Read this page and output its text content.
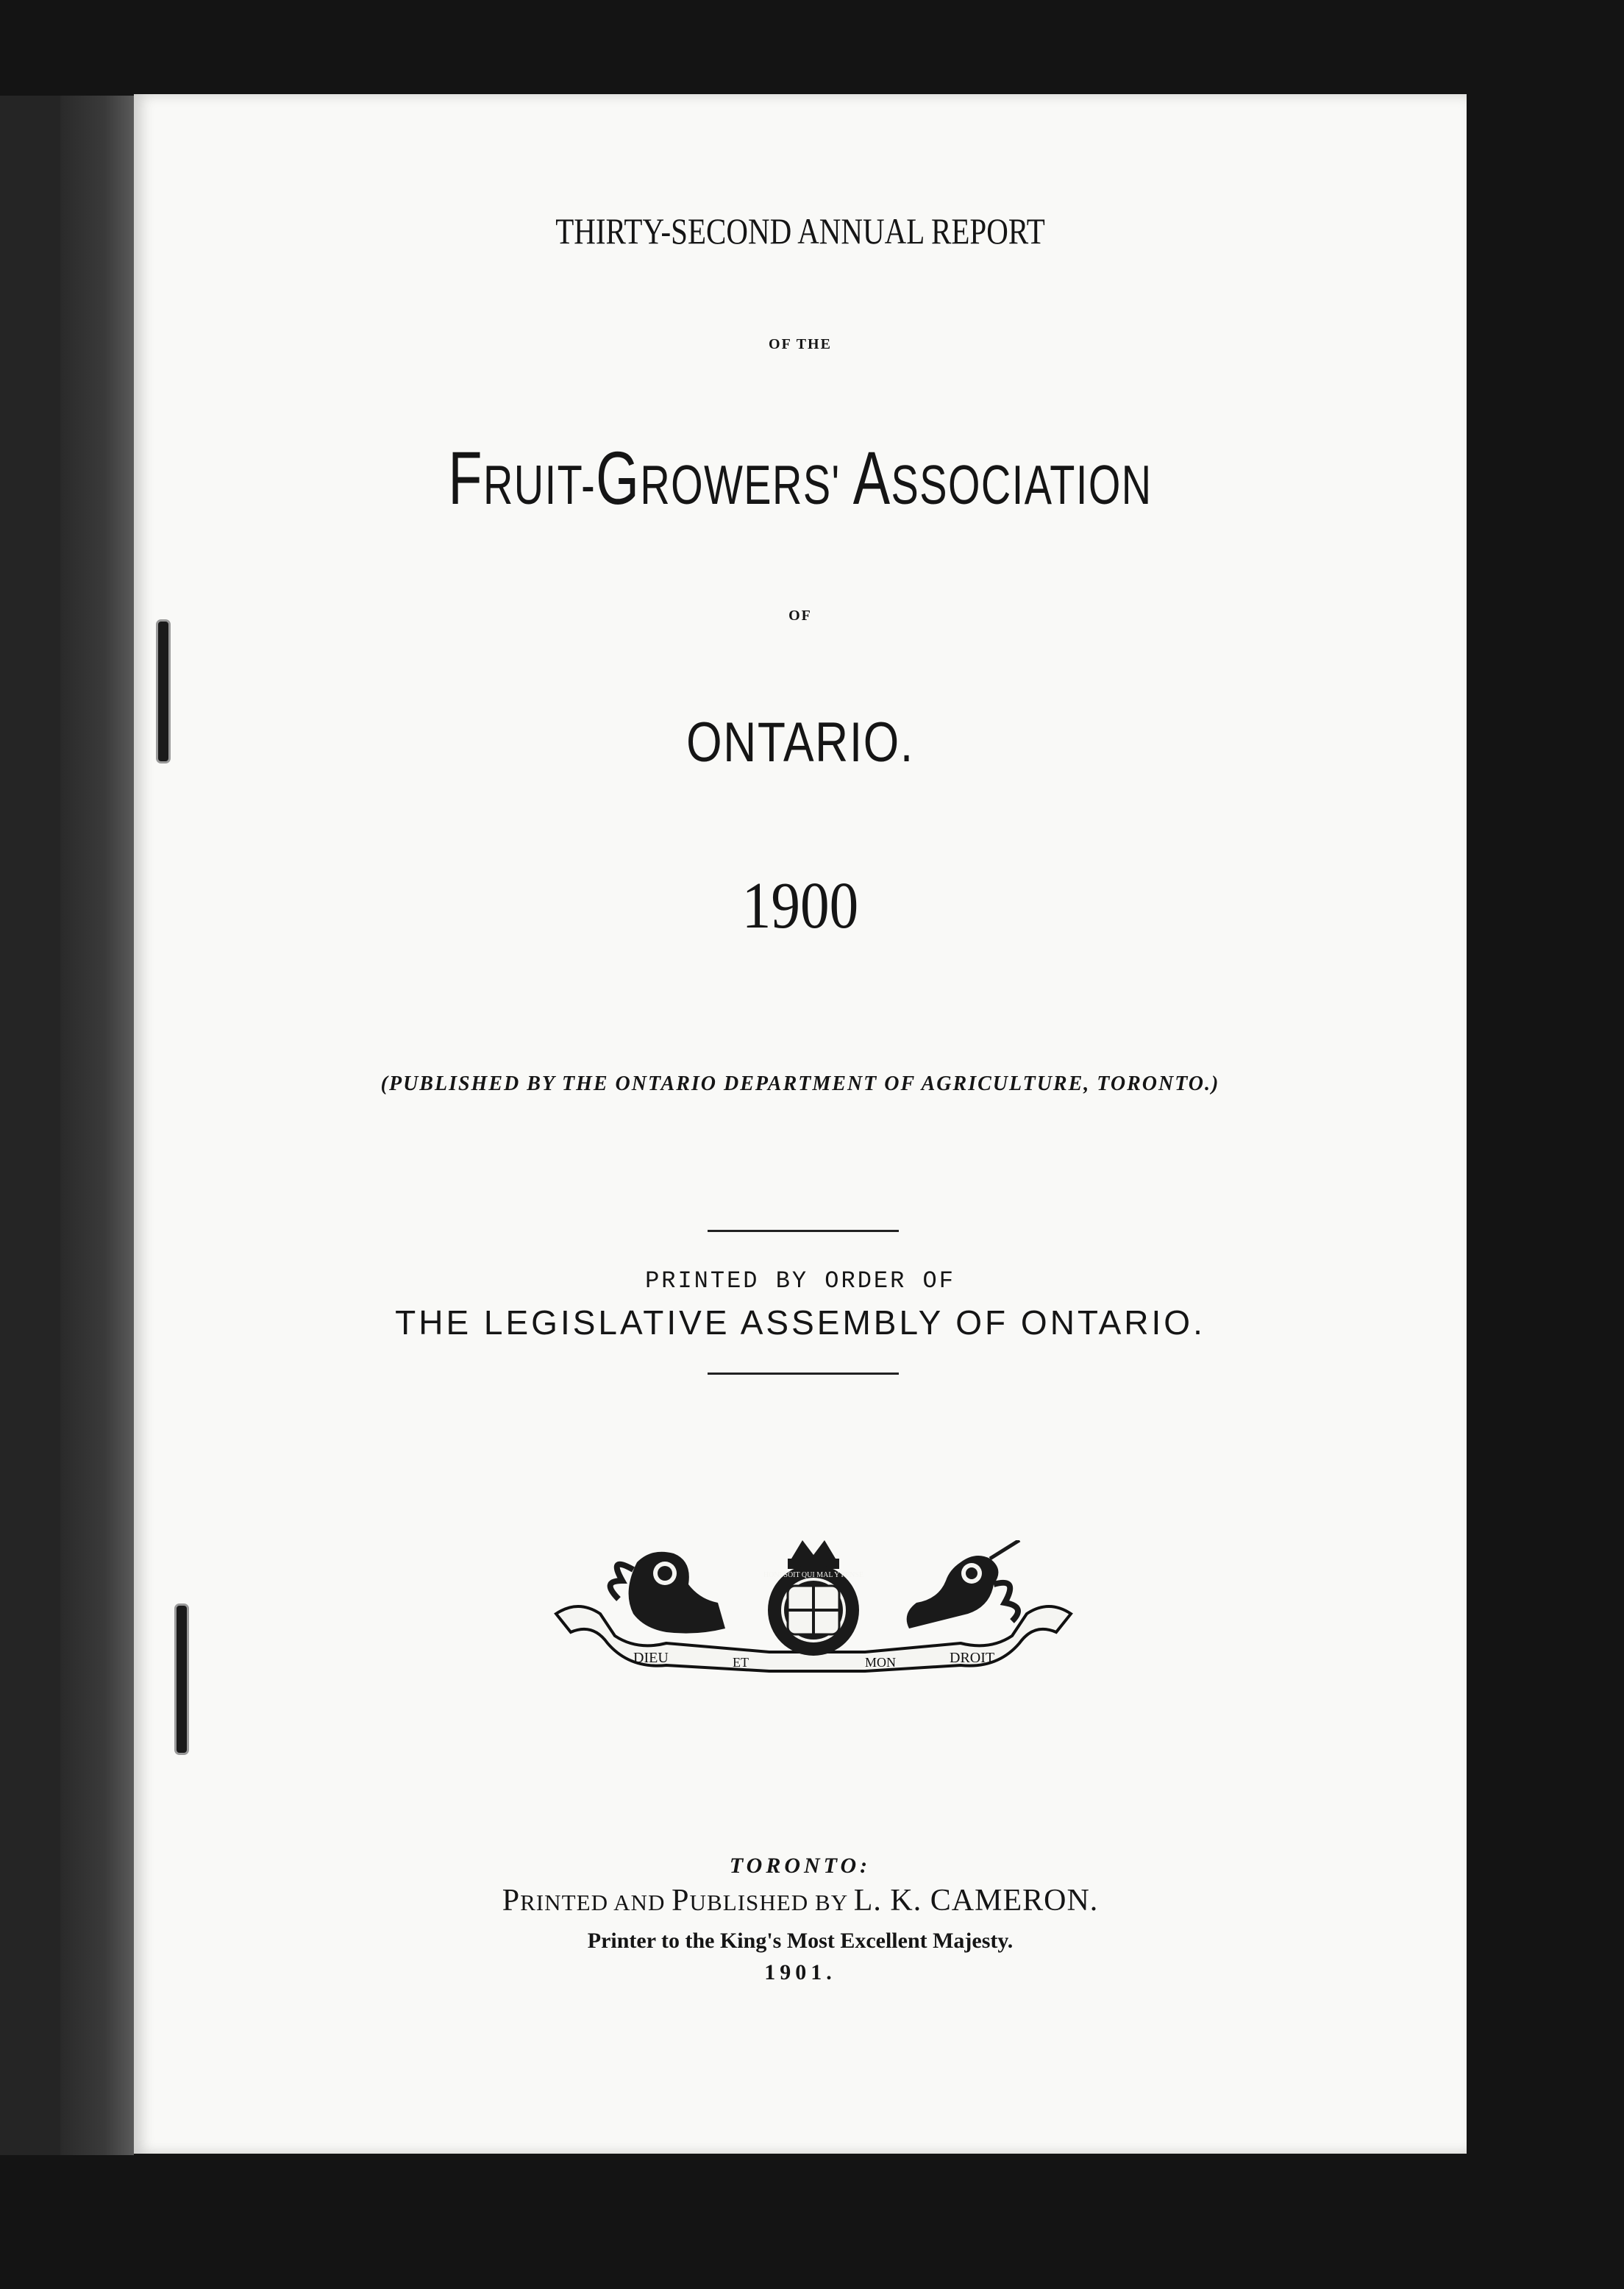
THIRTY-SECOND ANNUAL REPORT

OF THE

FRUIT-GROWERS' ASSOCIATION

OF

ONTARIO.

1900

(PUBLISHED BY THE ONTARIO DEPARTMENT OF AGRICULTURE, TORONTO.)

PRINTED BY ORDER OF

THE LEGISLATIVE ASSEMBLY OF ONTARIO.

DIEU	ET	MON	DROIT
HONI SOIT QUI MAL Y PENSE

TORONTO:

PRINTED AND PUBLISHED BY L. K. CAMERON.

Printer to the King's Most Excellent Majesty.

1901.
